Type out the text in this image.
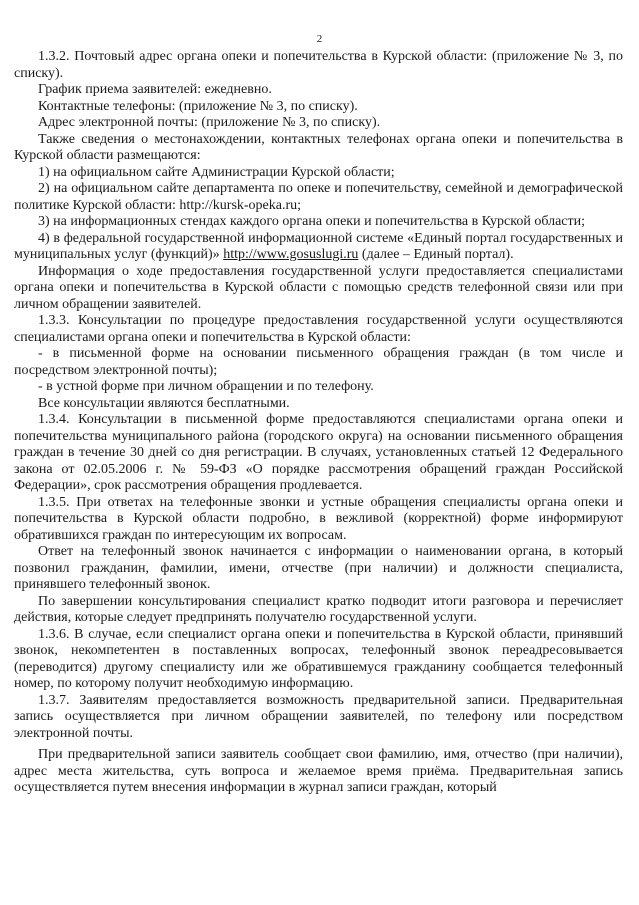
2

1.3.2. Почтовый адрес органа опеки и попечительства в Курской области: (приложение № 3, по списку).

График приема заявителей: ежедневно.

Контактные телефоны: (приложение № 3, по списку).

Адрес электронной почты: (приложение № 3, по списку).

Также сведения о местонахождении, контактных телефонах органа опеки и попечительства в Курской области размещаются:

1) на официальном сайте Администрации Курской области;

2) на официальном сайте департамента по опеке и попечительству, семейной и демографической политике Курской области: http://kursk-opeka.ru;

3) на информационных стендах каждого органа опеки и попечительства в Курской области;

4) в федеральной государственной информационной системе «Единый портал государственных и муниципальных услуг (функций)» http://www.gosuslugi.ru (далее – Единый портал).

Информация о ходе предоставления государственной услуги предоставляется специалистами органа опеки и попечительства в Курской области с помощью средств телефонной связи или при личном обращении заявителей.

1.3.3. Консультации по процедуре предоставления государственной услуги осуществляются специалистами органа опеки и попечительства в Курской области:

- в письменной форме на основании письменного обращения граждан (в том числе и посредством электронной почты);

- в устной форме при личном обращении и по телефону.

Все консультации являются бесплатными.

1.3.4. Консультации в письменной форме предоставляются специалистами органа опеки и попечительства муниципального района (городского округа) на основании письменного обращения граждан в течение 30 дней со дня регистрации. В случаях, установленных статьей 12 Федерального закона от 02.05.2006 г. № 59-ФЗ «О порядке рассмотрения обращений граждан Российской Федерации», срок рассмотрения обращения продлевается.

1.3.5. При ответах на телефонные звонки и устные обращения специалисты органа опеки и попечительства в Курской области подробно, в вежливой (корректной) форме информируют обратившихся граждан по интересующим их вопросам.

Ответ на телефонный звонок начинается с информации о наименовании органа, в который позвонил гражданин, фамилии, имени, отчестве (при наличии) и должности специалиста, принявшего телефонный звонок.

По завершении консультирования специалист кратко подводит итоги разговора и перечисляет действия, которые следует предпринять получателю государственной услуги.

1.3.6. В случае, если специалист органа опеки и попечительства в Курской области, принявший звонок, некомпетентен в поставленных вопросах, телефонный звонок переадресовывается (переводится) другому специалисту или же обратившемуся гражданину сообщается телефонный номер, по которому получит необходимую информацию.

1.3.7. Заявителям предоставляется возможность предварительной записи. Предварительная запись осуществляется при личном обращении заявителей, по телефону или посредством электронной почты.

При предварительной записи заявитель сообщает свои фамилию, имя, отчество (при наличии), адрес места жительства, суть вопроса и желаемое время приёма. Предварительная запись осуществляется путем внесения информации в журнал записи граждан, который
